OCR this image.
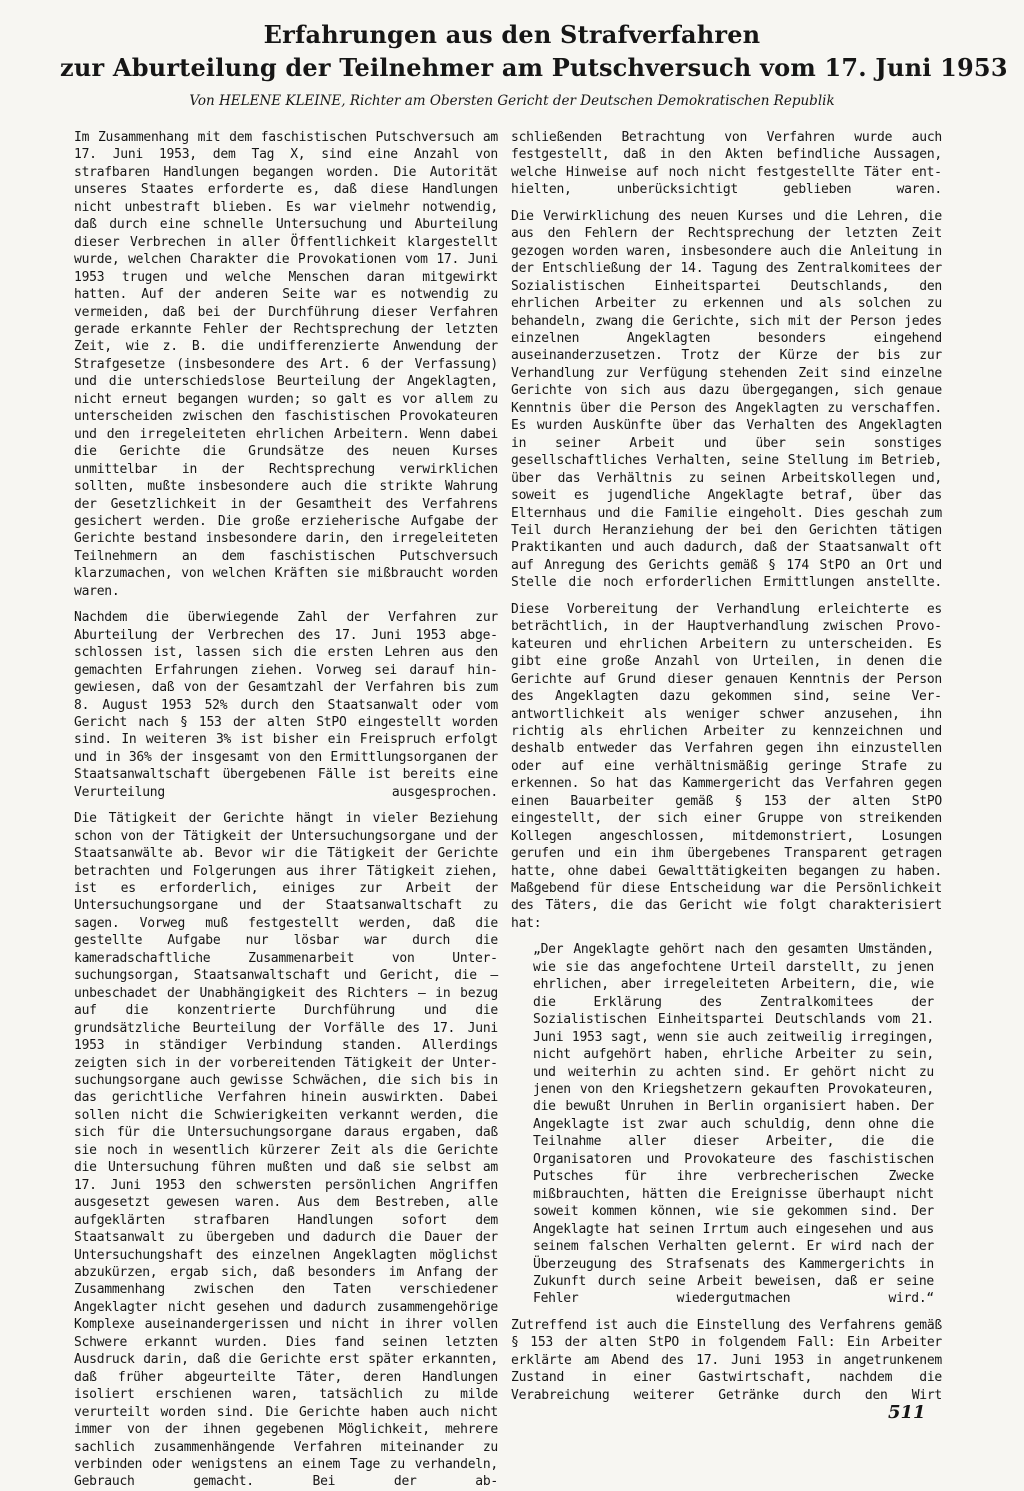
Erfahrungen aus den Strafverfahren
zur Aburteilung der Teilnehmer am Putschversuch vom 17. Juni 1953
Von HELENE KLEINE, Richter am Obersten Gericht der Deutschen Demokratischen Republik

Im Zusammenhang mit dem faschistischen Putschversuch am 17. Juni 1953, dem Tag X, sind eine Anzahl von strafbaren Handlungen begangen worden. Die Autorität unseres Staates erforderte es, daß diese Handlungen nicht unbestraft blieben. Es war vielmehr notwendig, daß durch eine schnelle Untersuchung und Aburteilung dieser Verbrechen in aller Öffentlichkeit klargestellt wurde, welchen Charakter die Provokationen vom 17. Juni 1953 trugen und welche Menschen daran mitgewirkt hatten. Auf der anderen Seite war es notwendig zu vermeiden, daß bei der Durchführung dieser Verfahren gerade erkannte Fehler der Rechtsprechung der letzten Zeit, wie z. B. die undifferenzierte Anwendung der Strafgesetze (insbesondere des Art. 6 der Verfassung) und die unterschiedslose Beurteilung der Angeklagten, nicht erneut begangen wurden; so galt es vor allem zu unterscheiden zwischen den faschistischen Provokateuren und den irregeleiteten ehrlichen Arbeitern. Wenn dabei die Gerichte die Grundsätze des neuen Kurses unmittelbar in der Rechtsprechung verwirklichen sollten, mußte insbesondere auch die strikte Wahrung der Gesetzlichkeit in der Gesamtheit des Verfahrens gesichert werden. Die große erzieherische Aufgabe der Gerichte bestand insbesondere darin, den irregeleiteten Teilnehmern an dem faschistischen Putschversuch klarzumachen, von welchen Kräften sie mißbraucht worden waren.

Nachdem die überwiegende Zahl der Verfahren zur Aburteilung der Verbrechen des 17. Juni 1953 abgeschlossen ist, lassen sich die ersten Lehren aus den gemachten Erfahrungen ziehen. Vorweg sei darauf hingewiesen, daß von der Gesamtzahl der Verfahren bis zum 8. August 1953 52% durch den Staatsanwalt oder vom Gericht nach § 153 der alten StPO eingestellt worden sind. In weiteren 3% ist bisher ein Freispruch erfolgt und in 36% der insgesamt von den Ermittlungsorganen der Staatsanwaltschaft übergebenen Fälle ist bereits eine Verurteilung ausgesprochen.

Die Tätigkeit der Gerichte hängt in vieler Beziehung schon von der Tätigkeit der Untersuchungsorgane und der Staatsanwälte ab. Bevor wir die Tätigkeit der Gerichte betrachten und Folgerungen aus ihrer Tätigkeit ziehen, ist es erforderlich, einiges zur Arbeit der Untersuchungsorgane und der Staatsanwaltschaft zu sagen. Vorweg muß festgestellt werden, daß die gestellte Aufgabe nur lösbar war durch die kameradschaftliche Zusammenarbeit von Untersuchungsorgan, Staatsanwaltschaft und Gericht, die — unbeschadet der Unabhängigkeit des Richters — in bezug auf die konzentrierte Durchführung und die grundsätzliche Beurteilung der Vorfälle des 17. Juni 1953 in ständiger Verbindung standen. Allerdings zeigten sich in der vorbereitenden Tätigkeit der Untersuchungsorgane auch gewisse Schwächen, die sich bis in das gerichtliche Verfahren hinein auswirkten. Dabei sollen nicht die Schwierigkeiten verkannt werden, die sich für die Untersuchungsorgane daraus ergaben, daß sie noch in wesentlich kürzerer Zeit als die Gerichte die Untersuchung führen mußten und daß sie selbst am 17. Juni 1953 den schwersten persönlichen Angriffen ausgesetzt gewesen waren. Aus dem Bestreben, alle aufgeklärten strafbaren Handlungen sofort dem Staatsanwalt zu übergeben und dadurch die Dauer der Untersuchungshaft des einzelnen Angeklagten möglichst abzukürzen, ergab sich, daß besonders im Anfang der Zusammenhang zwischen den Taten verschiedener Angeklagter nicht gesehen und dadurch zusammengehörige Komplexe auseinandergerissen und nicht in ihrer vollen Schwere erkannt wurden. Dies fand seinen letzten Ausdruck darin, daß die Gerichte erst später erkannten, daß früher abgeurteilte Täter, deren Handlungen isoliert erschienen waren, tatsächlich zu milde verurteilt worden sind. Die Gerichte haben auch nicht immer von der ihnen gegebenen Möglichkeit, mehrere sachlich zusammenhängende Verfahren miteinander zu verbinden oder wenigstens an einem Tage zu verhandeln, Gebrauch gemacht. Bei der ab-

schließenden Betrachtung von Verfahren wurde auch festgestellt, daß in den Akten befindliche Aussagen, welche Hinweise auf noch nicht festgestellte Täter enthielten, unberücksichtigt geblieben waren.

Die Verwirklichung des neuen Kurses und die Lehren, die aus den Fehlern der Rechtsprechung der letzten Zeit gezogen worden waren, insbesondere auch die Anleitung in der Entschließung der 14. Tagung des Zentralkomitees der Sozialistischen Einheitspartei Deutschlands, den ehrlichen Arbeiter zu erkennen und als solchen zu behandeln, zwang die Gerichte, sich mit der Person jedes einzelnen Angeklagten besonders eingehend auseinanderzusetzen. Trotz der Kürze der bis zur Verhandlung zur Verfügung stehenden Zeit sind einzelne Gerichte von sich aus dazu übergegangen, sich genaue Kenntnis über die Person des Angeklagten zu verschaffen. Es wurden Auskünfte über das Verhalten des Angeklagten in seiner Arbeit und über sein sonstiges gesellschaftliches Verhalten, seine Stellung im Betrieb, über das Verhältnis zu seinen Arbeitskollegen und, soweit es jugendliche Angeklagte betraf, über das Elternhaus und die Familie eingeholt. Dies geschah zum Teil durch Heranziehung der bei den Gerichten tätigen Praktikanten und auch dadurch, daß der Staatsanwalt oft auf Anregung des Gerichts gemäß § 174 StPO an Ort und Stelle die noch erforderlichen Ermittlungen anstellte.

Diese Vorbereitung der Verhandlung erleichterte es beträchtlich, in der Hauptverhandlung zwischen Provokateuren und ehrlichen Arbeitern zu unterscheiden. Es gibt eine große Anzahl von Urteilen, in denen die Gerichte auf Grund dieser genauen Kenntnis der Person des Angeklagten dazu gekommen sind, seine Verantwortlichkeit als weniger schwer anzusehen, ihn richtig als ehrlichen Arbeiter zu kennzeichnen und deshalb entweder das Verfahren gegen ihn einzustellen oder auf eine verhältnismäßig geringe Strafe zu erkennen. So hat das Kammergericht das Verfahren gegen einen Bauarbeiter gemäß § 153 der alten StPO eingestellt, der sich einer Gruppe von streikenden Kollegen angeschlossen, mitdemonstriert, Losungen gerufen und ein ihm übergebenes Transparent getragen hatte, ohne dabei Gewalttätigkeiten begangen zu haben. Maßgebend für diese Entscheidung war die Persönlichkeit des Täters, die das Gericht wie folgt charakterisiert hat:

„Der Angeklagte gehört nach den gesamten Umständen, wie sie das angefochtene Urteil darstellt, zu jenen ehrlichen, aber irregeleiteten Arbeitern, die, wie die Erklärung des Zentralkomitees der Sozialistischen Einheitspartei Deutschlands vom 21. Juni 1953 sagt, wenn sie auch zeitweilig irregingen, nicht aufgehört haben, ehrliche Arbeiter zu sein, und weiterhin zu achten sind. Er gehört nicht zu jenen von den Kriegshetzern gekauften Provokateuren, die bewußt Unruhen in Berlin organisiert haben. Der Angeklagte ist zwar auch schuldig, denn ohne die Teilnahme aller dieser Arbeiter, die die Organisatoren und Provokateure des faschistischen Putsches für ihre verbrecherischen Zwecke mißbrauchten, hätten die Ereignisse überhaupt nicht soweit kommen können, wie sie gekommen sind. Der Angeklagte hat seinen Irrtum auch eingesehen und aus seinem falschen Verhalten gelernt. Er wird nach der Überzeugung des Strafsenats des Kammergerichts in Zukunft durch seine Arbeit beweisen, daß er seine Fehler wiedergutmachen wird.“

Zutreffend ist auch die Einstellung des Verfahrens gemäß § 153 der alten StPO in folgendem Fall: Ein Arbeiter erklärte am Abend des 17. Juni 1953 in angetrunkenem Zustand in einer Gastwirtschaft, nachdem die Verabreichung weiterer Getränke durch den Wirt

511
